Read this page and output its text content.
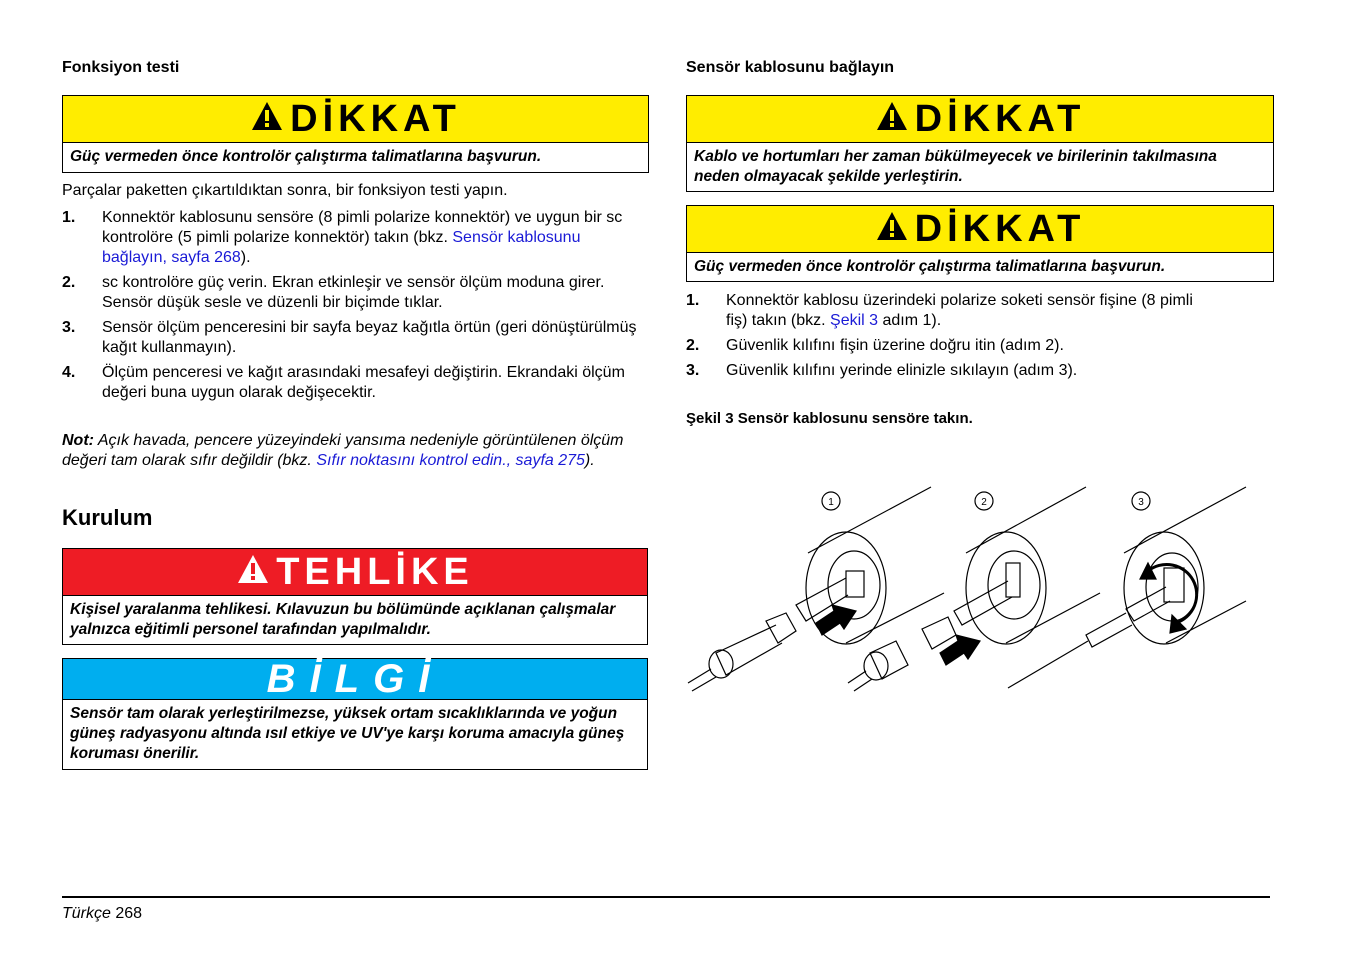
Fonksiyon testi
DİKKAT
Güç vermeden önce kontrolör çalıştırma talimatlarına başvurun.

Parçalar paketten çıkartıldıktan sonra, bir fonksiyon testi yapın.

1. Konnektör kablosunu sensöre (8 pimli polarize konnektör) ve uygun bir sc kontrolöre (5 pimli polarize konnektör) takın (bkz. Sensör kablosunu bağlayın, sayfa 268).
2. sc kontrolöre güç verin. Ekran etkinleşir ve sensör ölçüm moduna girer.
Sensör düşük sesle ve düzenli bir biçimde tıklar.
3. Sensör ölçüm penceresini bir sayfa beyaz kağıtla örtün (geri dönüştürülmüş kağıt kullanmayın).
4. Ölçüm penceresi ve kağıt arasındaki mesafeyi değiştirin. Ekrandaki ölçüm değeri buna uygun olarak değişecektir.

Not: Açık havada, pencere yüzeyindeki yansıma nedeniyle görüntülenen ölçüm değeri tam olarak sıfır değildir (bkz. Sıfır noktasını kontrol edin., sayfa 275).

Kurulum
TEHLİKE
Kişisel yaralanma tehlikesi. Kılavuzun bu bölümünde açıklanan çalışmalar yalnızca eğitimli personel tarafından yapılmalıdır.
BİLGİ
Sensör tam olarak yerleştirilmezse, yüksek ortam sıcaklıklarında ve yoğun güneş radyasyonu altında ısıl etkiye ve UV'ye karşı koruma amacıyla güneş koruması önerilir.
Sensör kablosunu bağlayın
DİKKAT
Kablo ve hortumları her zaman bükülmeyecek ve birilerinin takılmasına neden olmayacak şekilde yerleştirin.
DİKKAT
Güç vermeden önce kontrolör çalıştırma talimatlarına başvurun.
1. Konnektör kablosu üzerindeki polarize soketi sensör fişine (8 pimli fiş) takın (bkz. Şekil 3 adım 1).
2. Güvenlik kılıfını fişin üzerine doğru itin (adım 2).
3. Güvenlik kılıfını yerinde elinizle sıkılayın (adım 3).

Şekil 3 Sensör kablosunu sensöre takın.

1	2	3
Türkçe 268
